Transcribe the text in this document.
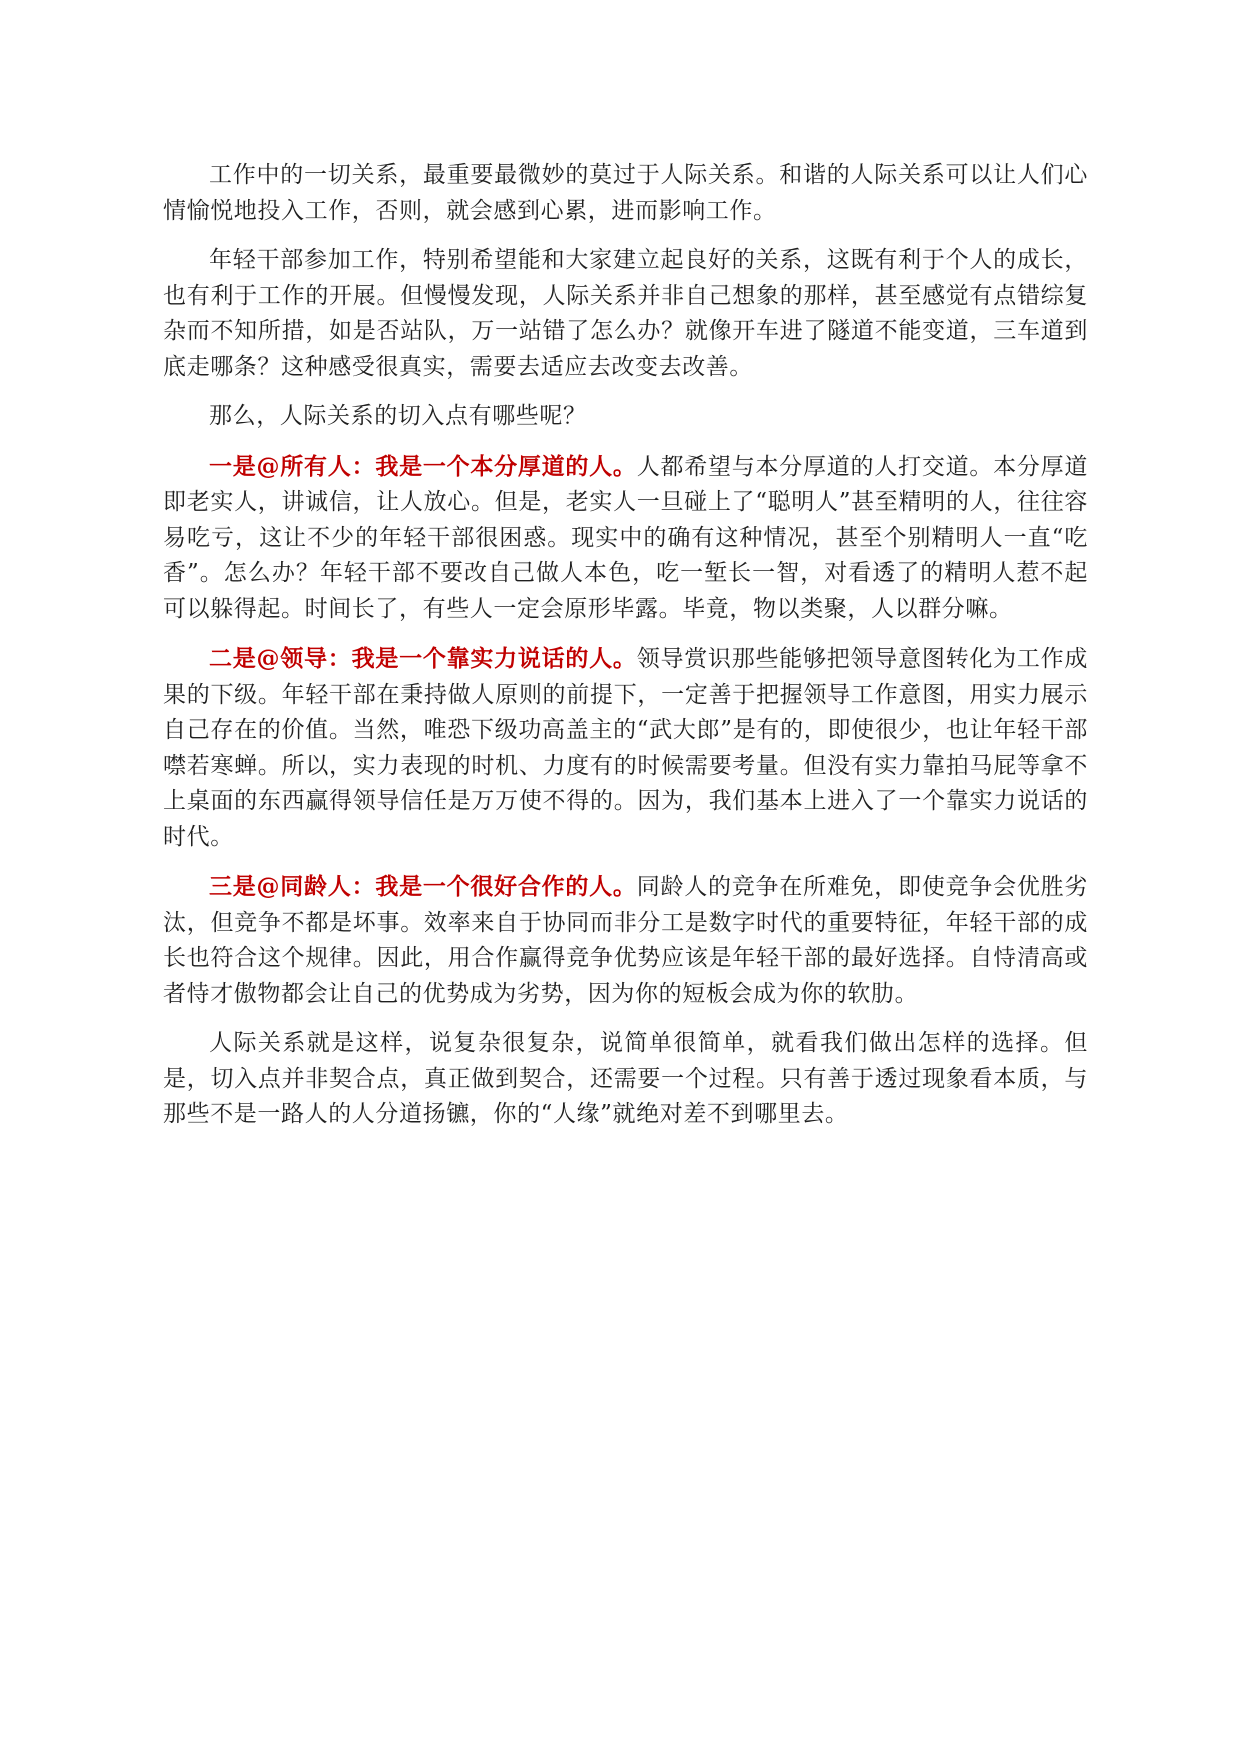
工作中的一切关系，最重要最微妙的莫过于人际关系。和谐的人际关系可以让人们心情愉悦地投入工作，否则，就会感到心累，进而影响工作。

年轻干部参加工作，特别希望能和大家建立起良好的关系，这既有利于个人的成长，也有利于工作的开展。但慢慢发现，人际关系并非自己想象的那样，甚至感觉有点错综复杂而不知所措，如是否站队，万一站错了怎么办？就像开车进了隧道不能变道，三车道到底走哪条？这种感受很真实，需要去适应去改变去改善。

那么，人际关系的切入点有哪些呢？

一是@所有人：我是一个本分厚道的人。人都希望与本分厚道的人打交道。本分厚道即老实人，讲诚信，让人放心。但是，老实人一旦碰上了“聪明人”甚至精明的人，往往容易吃亏，这让不少的年轻干部很困惑。现实中的确有这种情况，甚至个别精明人一直“吃香”。怎么办？年轻干部不要改自己做人本色，吃一堑长一智，对看透了的精明人惹不起可以躲得起。时间长了，有些人一定会原形毕露。毕竟，物以类聚，人以群分嘛。

二是@领导：我是一个靠实力说话的人。领导赏识那些能够把领导意图转化为工作成果的下级。年轻干部在秉持做人原则的前提下，一定善于把握领导工作意图，用实力展示自己存在的价值。当然，唯恐下级功高盖主的“武大郎”是有的，即使很少，也让年轻干部噤若寒蝉。所以，实力表现的时机、力度有的时候需要考量。但没有实力靠拍马屁等拿不上桌面的东西赢得领导信任是万万使不得的。因为，我们基本上进入了一个靠实力说话的时代。

三是@同龄人：我是一个很好合作的人。同龄人的竞争在所难免，即使竞争会优胜劣汰，但竞争不都是坏事。效率来自于协同而非分工是数字时代的重要特征，年轻干部的成长也符合这个规律。因此，用合作赢得竞争优势应该是年轻干部的最好选择。自恃清高或者恃才傲物都会让自己的优势成为劣势，因为你的短板会成为你的软肋。

人际关系就是这样，说复杂很复杂，说简单很简单，就看我们做出怎样的选择。但是，切入点并非契合点，真正做到契合，还需要一个过程。只有善于透过现象看本质，与那些不是一路人的人分道扬镳，你的“人缘”就绝对差不到哪里去。
